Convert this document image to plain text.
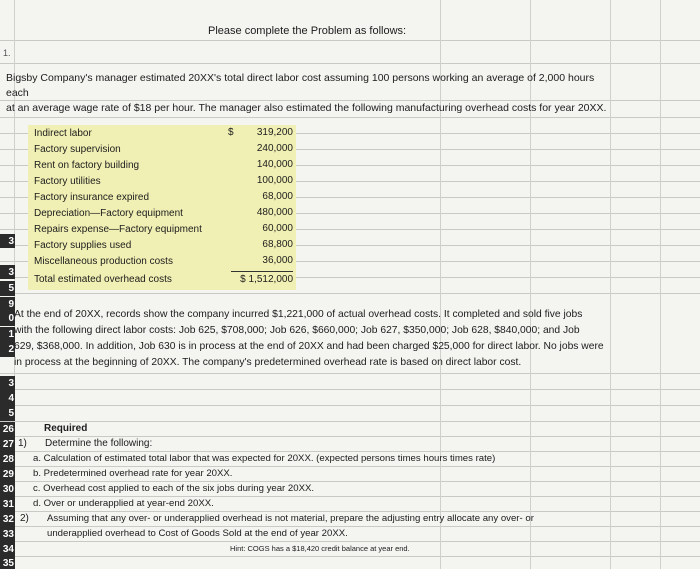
3
3
5
9
0
1
2
3
4
5
26
27
28
29
30
31
32
33
34
35
Please complete the Problem as follows:
1.
Bigsby Company's manager estimated 20XX's total direct labor cost assuming 100 persons working an average of 2,000 hours each
at an average wage rate of $18 per hour. The manager also estimated the following manufacturing overhead costs for year 20XX.
$
Indirect labor	319,200
Factory supervision	240,000
Rent on factory building	140,000
Factory utilities	100,000
Factory insurance expired	68,000
Depreciation—Factory equipment	480,000
Repairs expense—Factory equipment	60,000
Factory supplies used	68,800
Miscellaneous production costs	36,000
Total estimated overhead costs	$ 1,512,000
At the end of 20XX, records show the company incurred $1,221,000 of actual overhead costs. It completed and sold five jobs
with the following direct labor costs: Job 625, $708,000; Job 626, $660,000; Job 627, $350,000; Job 628, $840,000; and Job
629, $368,000. In addition, Job 630 is in process at the end of 20XX and had been charged $25,000 for direct labor. No jobs were
in process at the beginning of 20XX. The company's predetermined overhead rate is based on direct labor cost.
Required
1) Determine the following:
a. Calculation of estimated total labor that was expected for 20XX. (expected persons times hours times rate)
b. Predetermined overhead rate for year 20XX.
c. Overhead cost applied to each of the six jobs during year 20XX.
d. Over or underapplied at year-end 20XX.
2) Assuming that any over- or underapplied overhead is not material, prepare the adjusting entry allocate any over- or
underapplied overhead to Cost of Goods Sold at the end of year 20XX.
Hint: COGS has a $18,420 credit balance at year end.
